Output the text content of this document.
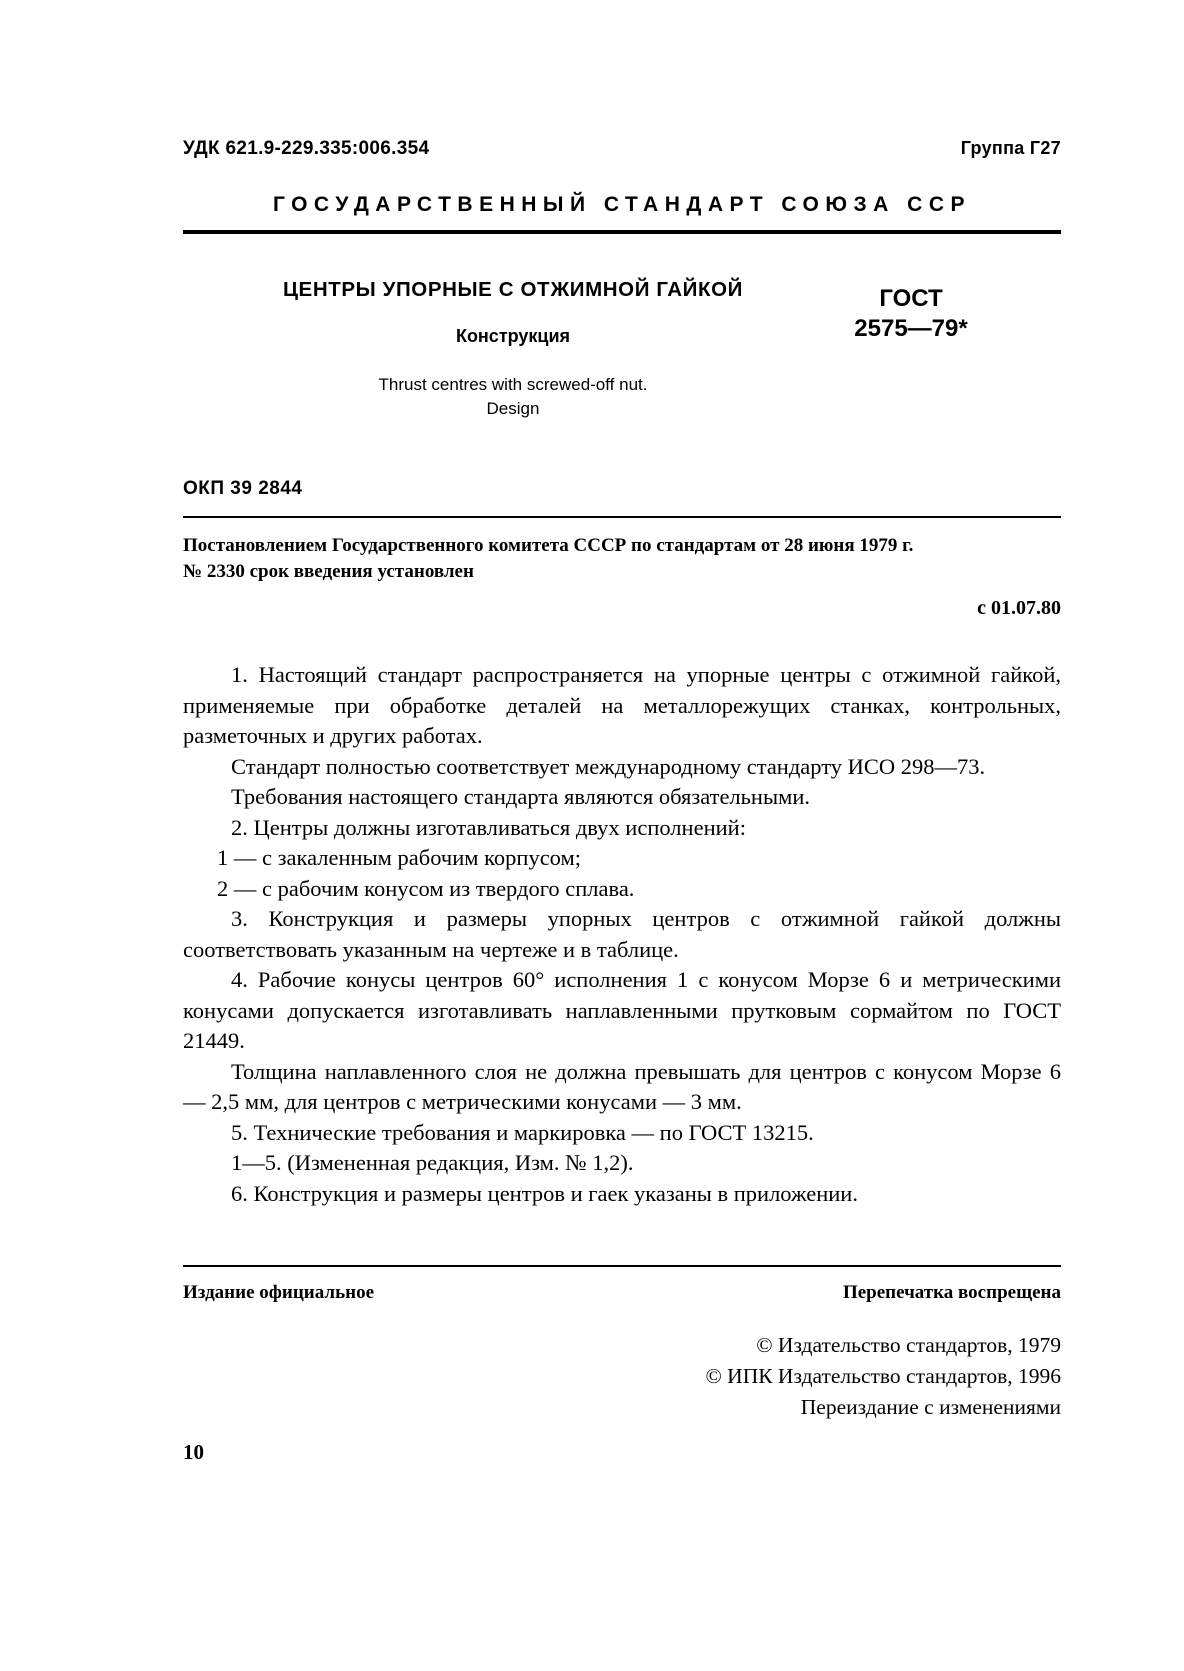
УДК 621.9-229.335:006.354	Группа Г27
ГОСУДАРСТВЕННЫЙ СТАНДАРТ СОЮЗА ССР
ЦЕНТРЫ УПОРНЫЕ С ОТЖИМНОЙ ГАЙКОЙ
Конструкция
Thrust centres with screwed-off nut.
Design
ГОСТ
2575—79*
ОКП 39 2844
Постановлением Государственного комитета СССР по стандартам от 28 июня 1979 г.
№ 2330 срок введения установлен
с 01.07.80

1. Настоящий стандарт распространяется на упорные центры с отжимной гайкой, применяемые при обработке деталей на металлорежущих станках, контрольных, разметочных и других работах.

Стандарт полностью соответствует международному стандарту ИСО 298—73.

Требования настоящего стандарта являются обязательными.

2. Центры должны изготавливаться двух исполнений:

1 — с закаленным рабочим корпусом;

2 — с рабочим конусом из твердого сплава.

3. Конструкция и размеры упорных центров с отжимной гайкой должны соответствовать указанным на чертеже и в таблице.

4. Рабочие конусы центров 60° исполнения 1 с конусом Морзе 6 и метрическими конусами допускается изготавливать наплавленными прутковым сормайтом по ГОСТ 21449.

Толщина наплавленного слоя не должна превышать для центров с конусом Морзе 6 — 2,5 мм, для центров с метрическими конусами — 3 мм.

5. Технические требования и маркировка — по ГОСТ 13215.

1—5. (Измененная редакция, Изм. № 1,2).

6. Конструкция и размеры центров и гаек указаны в приложении.

Издание официальное	Перепечатка воспрещена
© Издательство стандартов, 1979
© ИПК Издательство стандартов, 1996
Переиздание с изменениями
10
